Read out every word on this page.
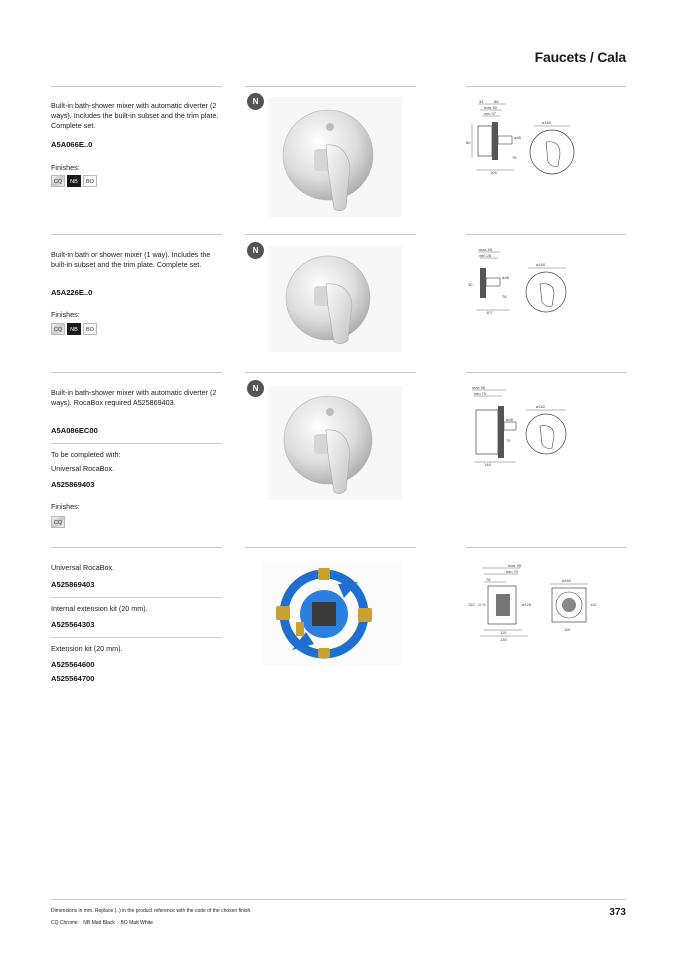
Faucets / Cala
Built-in bath-shower mixer with automatic diverter (2 ways). Includes the built-in subset and the trim plate. Complete set.
A5A066E..0
Finishes:
CQ	NB	BO
N	34	85
max 50
min 37
80
ø48
78
105
ø160
Built-in bath or shower mixer (1 way). Includes the built-in subset and the trim plate. Complete set.
A5A226E..0
Finishes:
CQ	NB	BO
N	max 55
min 28
30
ø48
78
107
ø160
Built-in bath-shower mixer with automatic diverter (2 ways). RocaBox required A525869403.
A5A086EC00
To be completed with:
Universal RocaBox.
A525869403
Finishes:
CQ
N	max 95
min 70
ø48
79
148
ø162
Universal RocaBox.
A525869403
Internal extension kit (20 mm).
A525564303
Extension kit (20 mm).
A525564600
A525564700
max 95
min 70
78
152 G ½	ø126
110
130
ø160
110
110
Dimensions in mm. Replace (..) in the product reference with the code of the chosen finish.
CQ Chrome    NB Matt Black    BO Matt White
373
